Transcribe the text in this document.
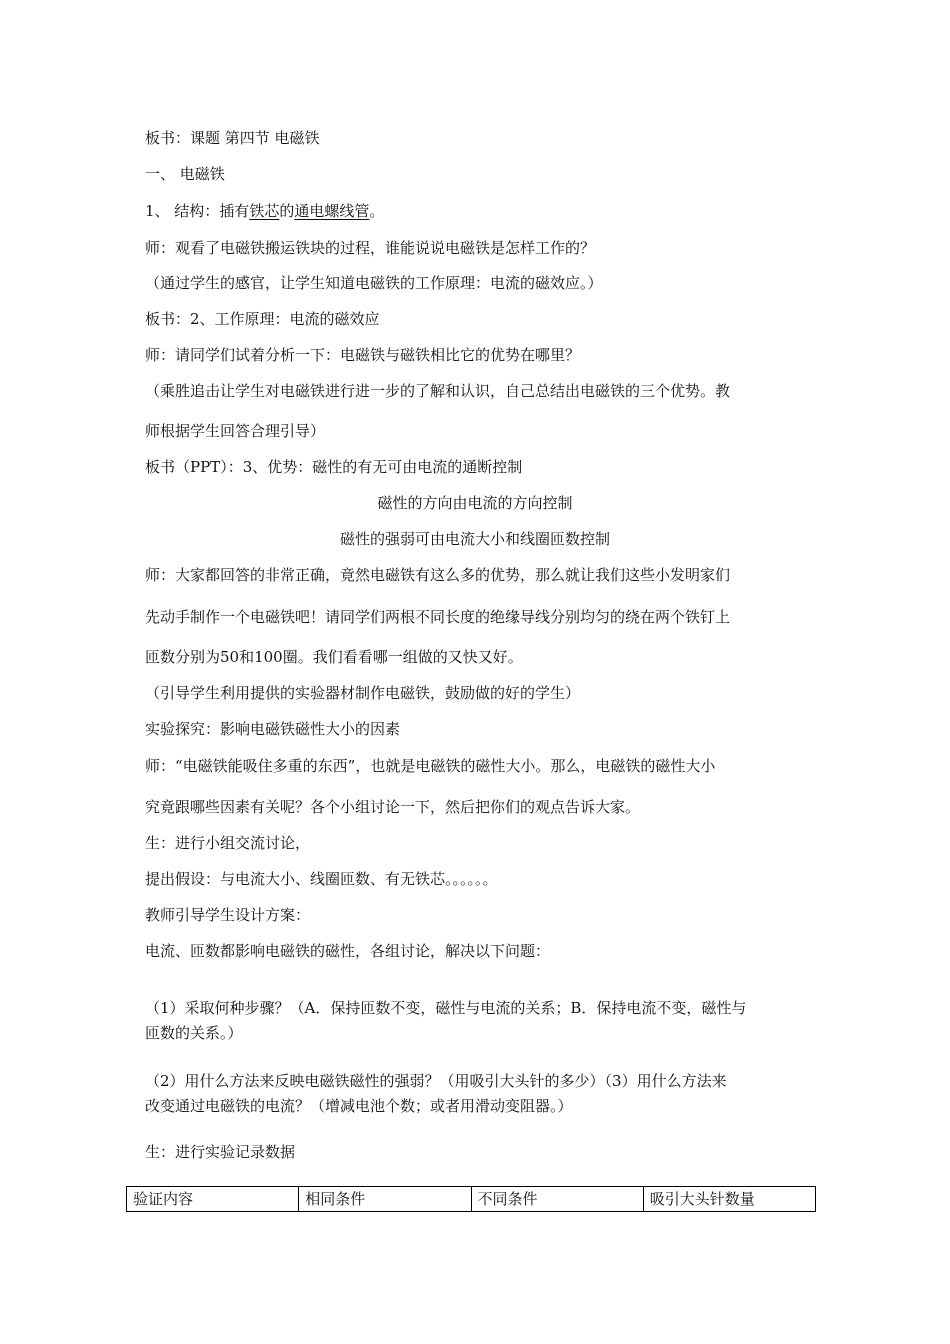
板书：课题 第四节 电磁铁
一、 电磁铁
1、 结构：插有铁芯的通电螺线管。
师：观看了电磁铁搬运铁块的过程，谁能说说电磁铁是怎样工作的？
（通过学生的感官，让学生知道电磁铁的工作原理：电流的磁效应。）
板书：2、工作原理：电流的磁效应
师：请同学们试着分析一下：电磁铁与磁铁相比它的优势在哪里？
（乘胜追击让学生对电磁铁进行进一步的了解和认识，自己总结出电磁铁的三个优势。教
师根据学生回答合理引导）
板书（PPT）：3、优势：磁性的有无可由电流的通断控制
磁性的方向由电流的方向控制
磁性的强弱可由电流大小和线圈匝数控制
师：大家都回答的非常正确，竟然电磁铁有这么多的优势，那么就让我们这些小发明家们
先动手制作一个电磁铁吧！请同学们两根不同长度的绝缘导线分别均匀的绕在两个铁钉上
匝数分别为50和100圈。我们看看哪一组做的又快又好。
（引导学生利用提供的实验器材制作电磁铁，鼓励做的好的学生）
实验探究：影响电磁铁磁性大小的因素
师：“电磁铁能吸住多重的东西”，也就是电磁铁的磁性大小。那么，电磁铁的磁性大小
究竟跟哪些因素有关呢？各个小组讨论一下，然后把你们的观点告诉大家。
生：进行小组交流讨论，
提出假设：与电流大小、线圈匝数、有无铁芯。。。。。。
教师引导学生设计方案：
电流、匝数都影响电磁铁的磁性，各组讨论，解决以下问题：
（1）采取何种步骤？（A．保持匝数不变，磁性与电流的关系；B．保持电流不变，磁性与
匝数的关系。）
（2）用什么方法来反映电磁铁磁性的强弱？（用吸引大头针的多少）（3）用什么方法来
改变通过电磁铁的电流？（增减电池个数；或者用滑动变阻器。）
生：进行实验记录数据
验证内容	相同条件	不同条件	吸引大头针数量
